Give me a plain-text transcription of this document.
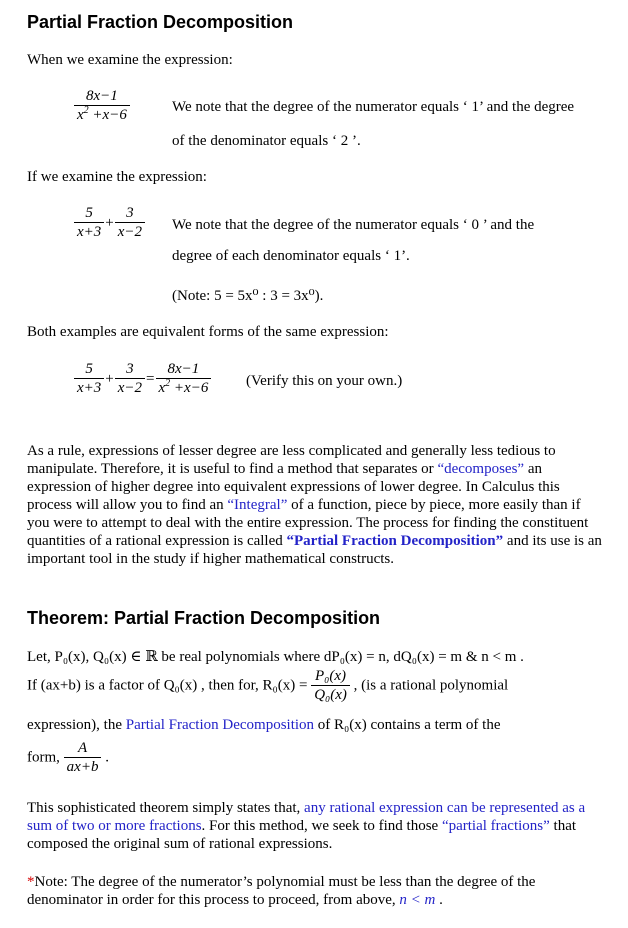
Partial Fraction Decomposition
When we examine the expression:
$\frac{8x-1}{x^2 +x-6}$	We note that the degree of the numerator equals ‘ 1’ and the degree
of the denominator equals ‘ 2 ’.
If we examine the expression:
$\frac{5}{x+3} + \frac{3}{x-2}$ We note that the degree of the numerator equals ‘ 0 ’ and the
degree of each denominator equals ‘ 1’.
(Note: 5 = 5x⁰ : 3 = 3x⁰).
Both examples are equivalent forms of the same expression:
$\frac{5}{x+3} + \frac{3}{x-2} = \frac{8x-1}{x^2 +x-6}$ (Verify this on your own.)
As a rule, expressions of lesser degree are less complicated and generally less tedious to manipulate. Therefore, it is useful to find a method that separates or “decomposes” an expression of higher degree into equivalent expressions of lower degree. In Calculus this process will allow you to find an “Integral” of a function, piece by piece, more easily than if you were to attempt to deal with the entire expression. The process for finding the constituent quantities of a rational expression is called “Partial Fraction Decomposition” and its use is an important tool in the study if higher mathematical constructs.
Theorem: Partial Fraction Decomposition
Let, P₀(x), Q₀(x) ∈ ℝ be real polynomials where dP₀(x) = n, dQ₀(x) = m & n < m .
If (ax+b) is a factor of Q₀(x) , then for, $R_0(x) = \frac{\text{P₀(x)}}{\text{Q₀(x)}}$ , (is a rational polynomial
expression), the Partial Fraction Decomposition of R₀(x) contains a term of the
form, $\frac{A}{ax+b}$ .
This sophisticated theorem simply states that, any rational expression can be represented as a sum of two or more fractions. For this method, we seek to find those “partial fractions” that composed the original sum of rational expressions.
*Note: The degree of the numerator’s polynomial must be less than the degree of the denominator in order for this process to proceed, from above, n < m .
